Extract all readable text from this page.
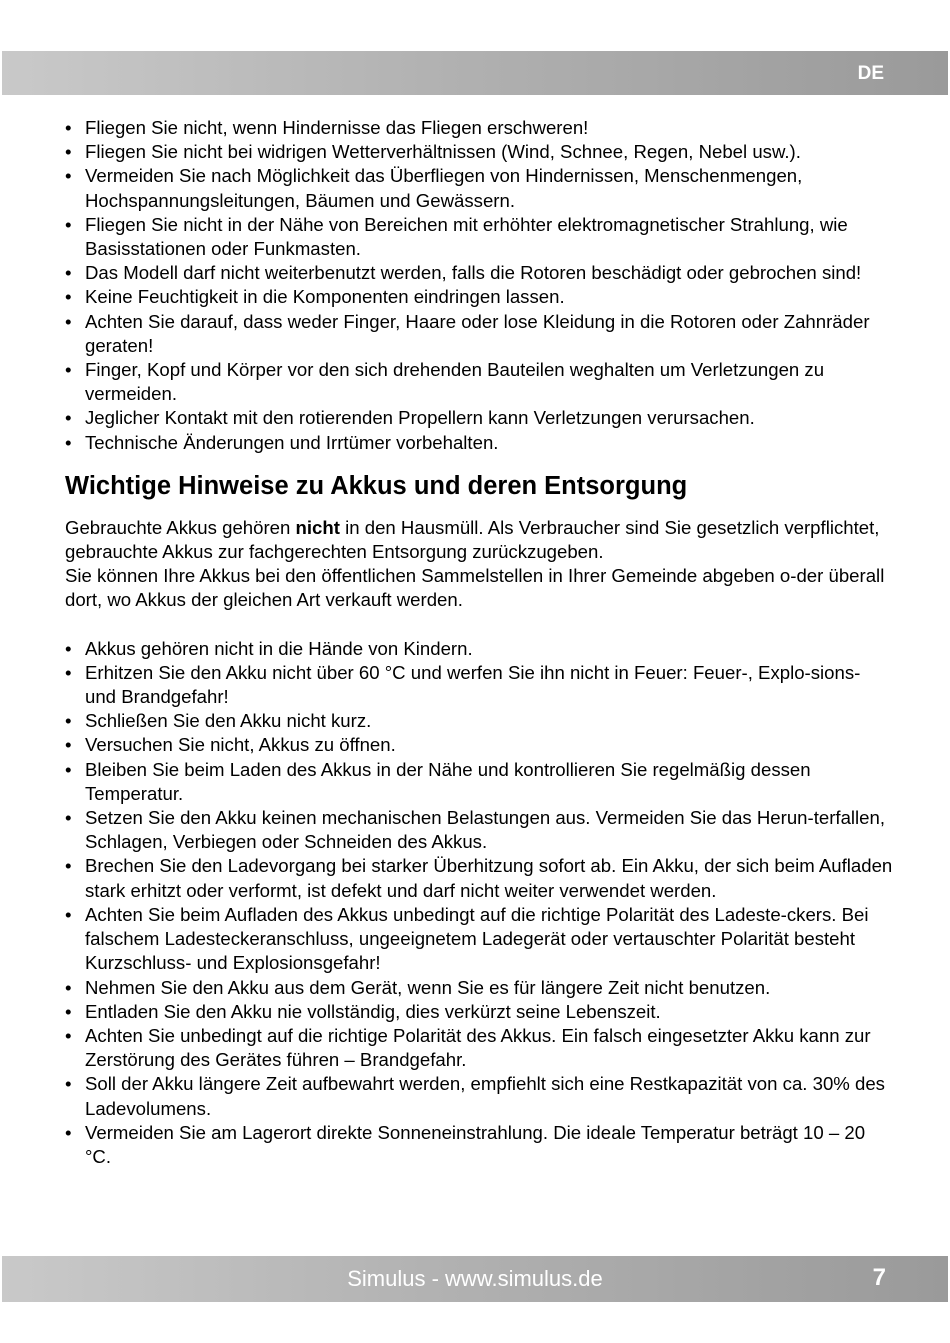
DE
• Fliegen Sie nicht, wenn Hindernisse das Fliegen erschweren!
• Fliegen Sie nicht bei widrigen Wetterverhältnissen (Wind, Schnee, Regen, Nebel usw.).
• Vermeiden Sie nach Möglichkeit das Überfliegen von Hindernissen, Menschenmengen, Hochspannungsleitungen, Bäumen und Gewässern.
• Fliegen Sie nicht in der Nähe von Bereichen mit erhöhter elektromagnetischer Strahlung, wie Basisstationen oder Funkmasten.
• Das Modell darf nicht weiterbenutzt werden, falls die Rotoren beschädigt oder gebrochen sind!
• Keine Feuchtigkeit in die Komponenten eindringen lassen.
• Achten Sie darauf, dass weder Finger, Haare oder lose Kleidung in die Rotoren oder Zahnräder geraten!
• Finger, Kopf und Körper vor den sich drehenden Bauteilen weghalten um Verletzungen zu vermeiden.
• Jeglicher Kontakt mit den rotierenden Propellern kann Verletzungen verursachen.
• Technische Änderungen und Irrtümer vorbehalten.
Wichtige Hinweise zu Akkus und deren Entsorgung

Gebrauchte Akkus gehören nicht in den Hausmüll. Als Verbraucher sind Sie gesetzlich verpflichtet, gebrauchte Akkus zur fachgerechten Entsorgung zurückzugeben.
Sie können Ihre Akkus bei den öffentlichen Sammelstellen in Ihrer Gemeinde abgeben o-der überall dort, wo Akkus der gleichen Art verkauft werden.

• Akkus gehören nicht in die Hände von Kindern.
• Erhitzen Sie den Akku nicht über 60 °C und werfen Sie ihn nicht in Feuer: Feuer-, Explo-sions- und Brandgefahr!
• Schließen Sie den Akku nicht kurz.
• Versuchen Sie nicht, Akkus zu öffnen.
• Bleiben Sie beim Laden des Akkus in der Nähe und kontrollieren Sie regelmäßig dessen Temperatur.
• Setzen Sie den Akku keinen mechanischen Belastungen aus. Vermeiden Sie das Herun-terfallen, Schlagen, Verbiegen oder Schneiden des Akkus.
• Brechen Sie den Ladevorgang bei starker Überhitzung sofort ab. Ein Akku, der sich beim Aufladen stark erhitzt oder verformt, ist defekt und darf nicht weiter verwendet werden.
• Achten Sie beim Aufladen des Akkus unbedingt auf die richtige Polarität des Ladeste-ckers. Bei falschem Ladesteckeranschluss, ungeeignetem Ladegerät oder vertauschter Polarität besteht Kurzschluss- und Explosionsgefahr!
• Nehmen Sie den Akku aus dem Gerät, wenn Sie es für längere Zeit nicht benutzen.
• Entladen Sie den Akku nie vollständig, dies verkürzt seine Lebenszeit.
• Achten Sie unbedingt auf die richtige Polarität des Akkus. Ein falsch eingesetzter Akku kann zur Zerstörung des Gerätes führen – Brandgefahr.
• Soll der Akku längere Zeit aufbewahrt werden, empfiehlt sich eine Restkapazität von ca. 30% des Ladevolumens.
• Vermeiden Sie am Lagerort direkte Sonneneinstrahlung. Die ideale Temperatur beträgt 10 – 20 °C.
Simulus - www.simulus.de	7
